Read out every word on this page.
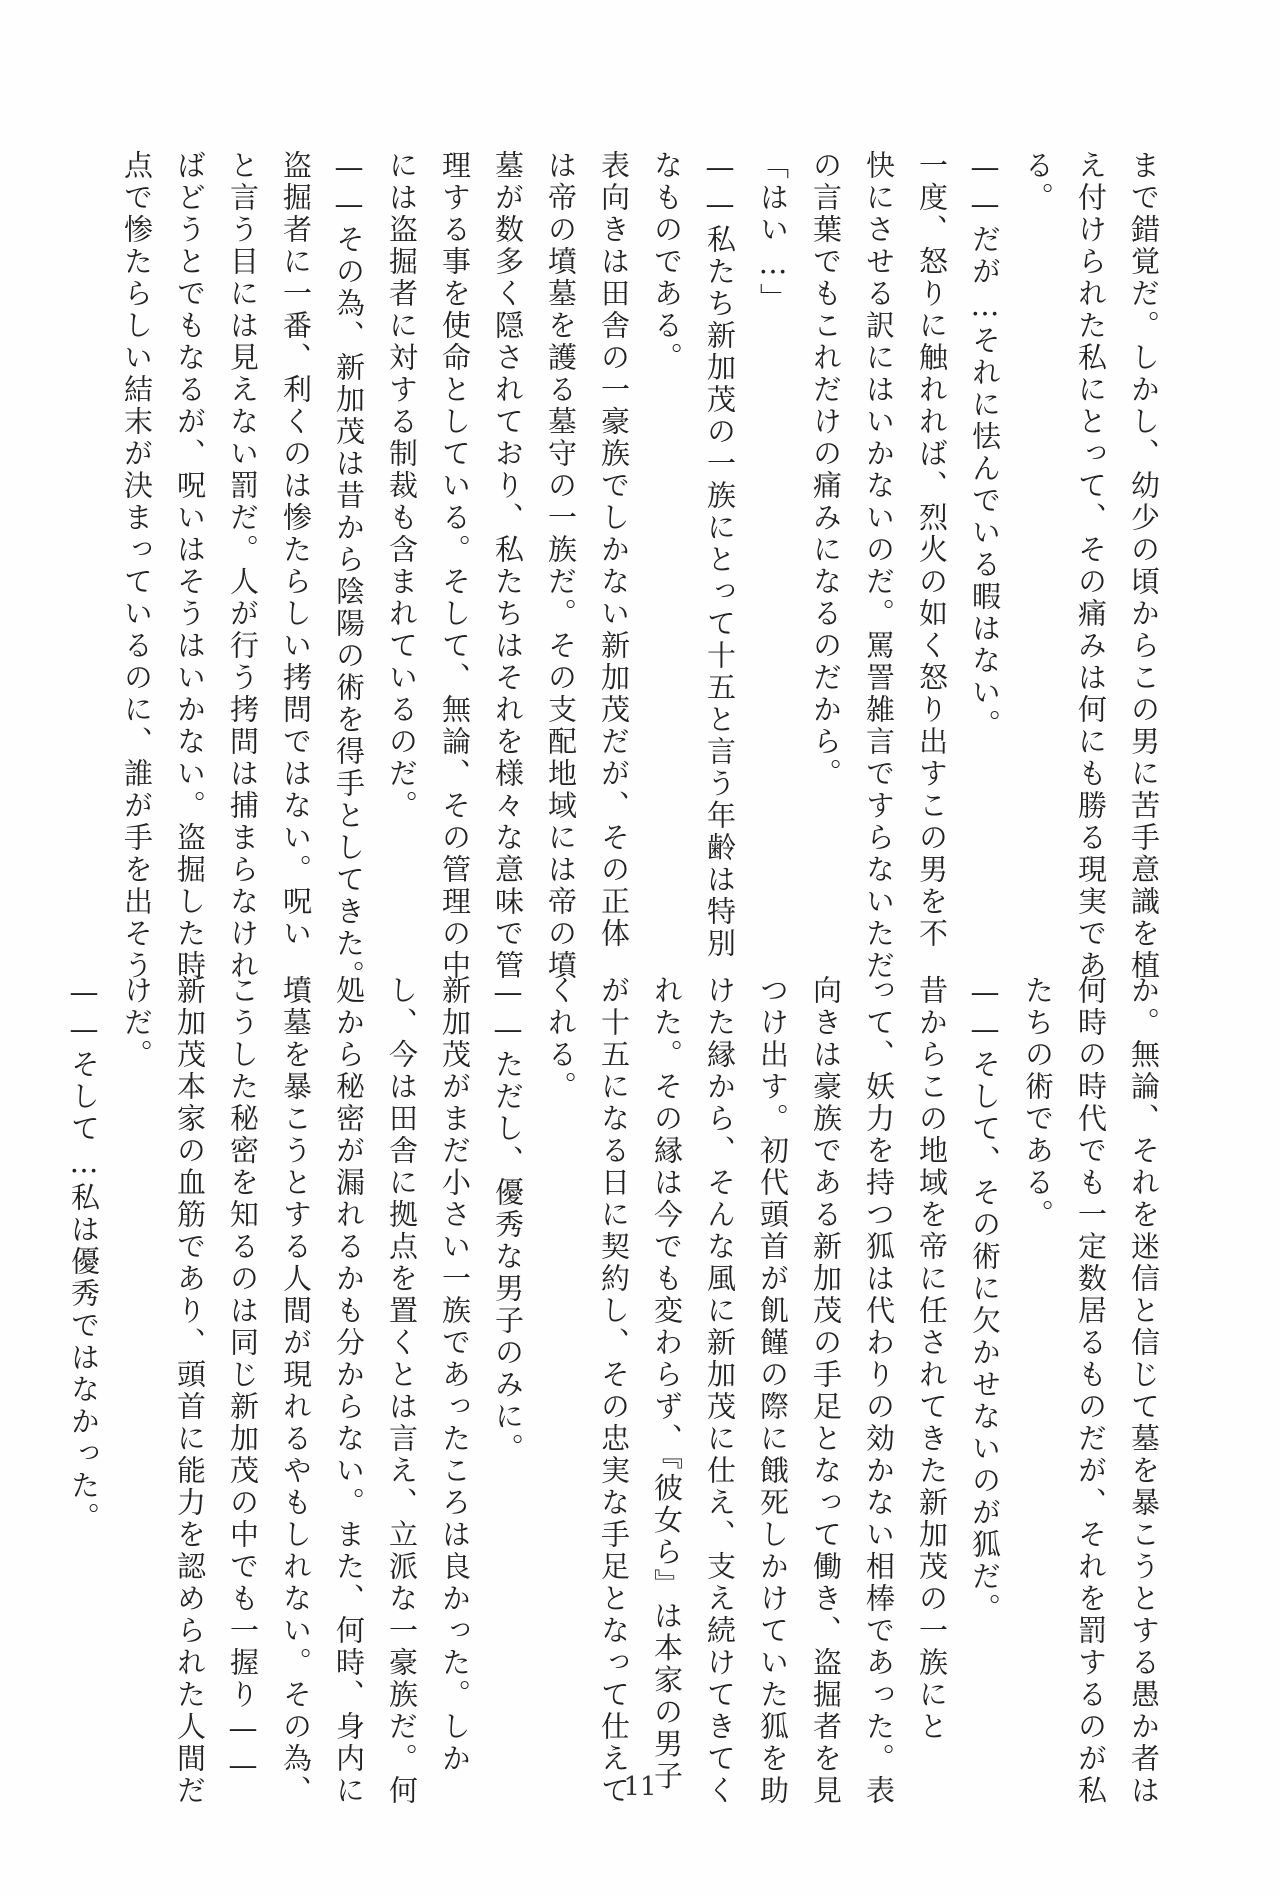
まで錯覚だ。しかし、幼少の頃からこの男に苦手意識を植
え付けられた私にとって、その痛みは何にも勝る現実であ
る。
——だが…それに怯んでいる暇はない。
一度、怒りに触れれば、烈火の如く怒り出すこの男を不
快にさせる訳にはいかないのだ。罵詈雑言ですらないただ
の言葉でもこれだけの痛みになるのだから。
「はい…」
——私たち新加茂の一族にとって十五と言う年齢は特別
なものである。
表向きは田舎の一豪族でしかない新加茂だが、その正体
は帝の墳墓を護る墓守の一族だ。その支配地域には帝の墳
墓が数多く隠されており、私たちはそれを様々な意味で管
理する事を使命としている。そして、無論、その管理の中
には盗掘者に対する制裁も含まれているのだ。
——その為、新加茂は昔から陰陽の術を得手としてきた。
盗掘者に一番、利くのは惨たらしい拷問ではない。呪い
と言う目には見えない罰だ。人が行う拷問は捕まらなけれ
ばどうとでもなるが、呪いはそうはいかない。盗掘した時
点で惨たらしい結末が決まっているのに、誰が手を出そう
か。無論、それを迷信と信じて墓を暴こうとする愚か者は
何時の時代でも一定数居るものだが、それを罰するのが私
たちの術である。
——そして、その術に欠かせないのが狐だ。
昔からこの地域を帝に任されてきた新加茂の一族にと
って、妖力を持つ狐は代わりの効かない相棒であった。表
向きは豪族である新加茂の手足となって働き、盗掘者を見
つけ出す。初代頭首が飢饉の際に餓死しかけていた狐を助
けた縁から、そんな風に新加茂に仕え、支え続けてきてく
れた。その縁は今でも変わらず、『彼女ら』は本家の男子
が十五になる日に契約し、その忠実な手足となって仕えて
くれる。
——ただし、優秀な男子のみに。
新加茂がまだ小さい一族であったころは良かった。しか
し、今は田舎に拠点を置くとは言え、立派な一豪族だ。何
処から秘密が漏れるかも分からない。また、何時、身内に
墳墓を暴こうとする人間が現れるやもしれない。その為、
こうした秘密を知るのは同じ新加茂の中でも一握り——
新加茂本家の血筋であり、頭首に能力を認められた人間だ
けだ。
——そして…私は優秀ではなかった。
11
